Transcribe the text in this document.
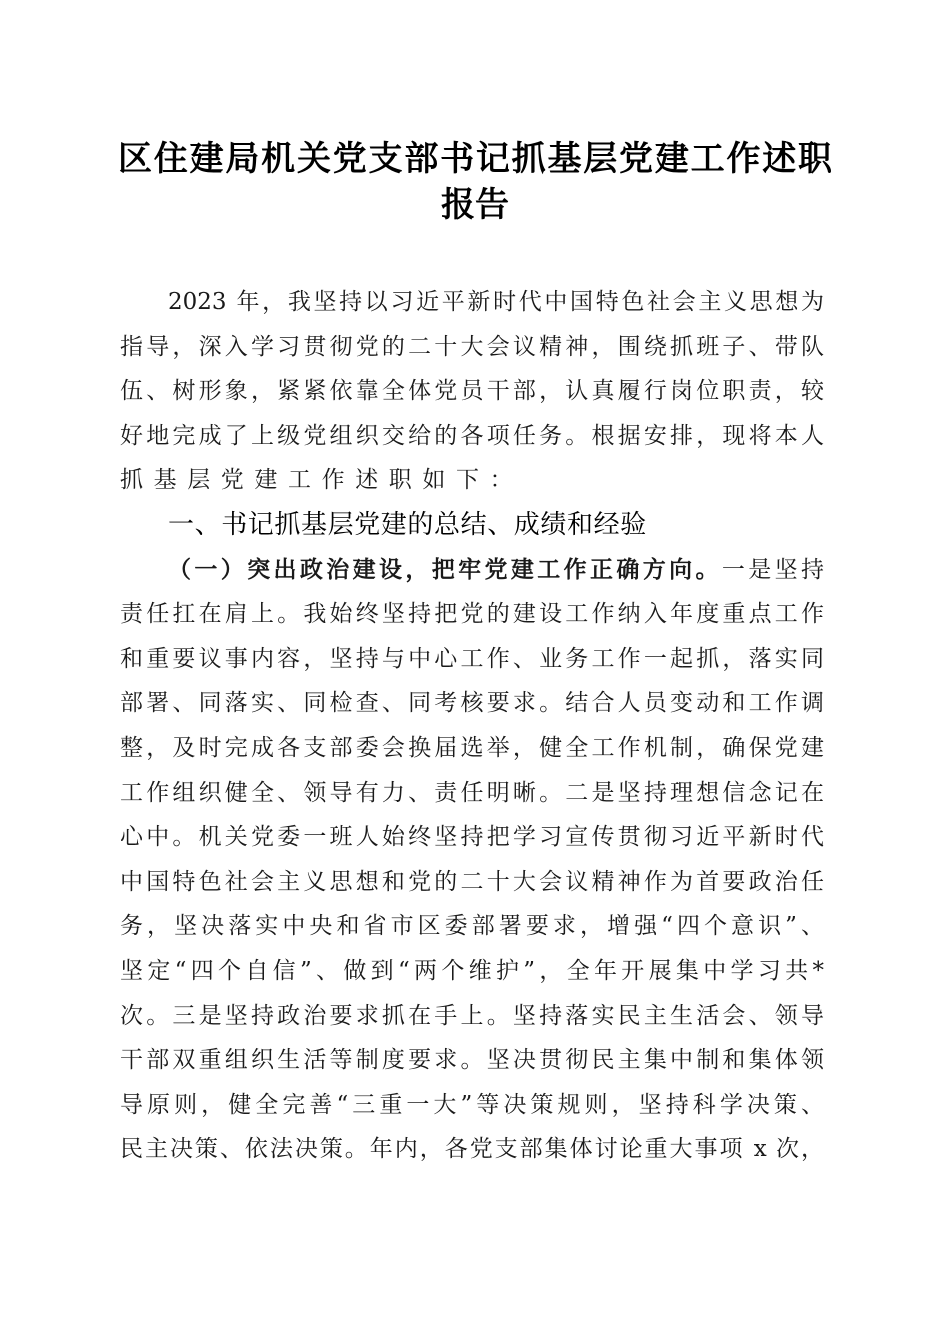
区住建局机关党支部书记抓基层党建工作述职
报告
2023 年，我坚持以习近平新时代中国特色社会主义思想为
指导，深入学习贯彻党的二十大会议精神，围绕抓班子、带队
伍、树形象，紧紧依靠全体党员干部，认真履行岗位职责，较
好地完成了上级党组织交给的各项任务。根据安排，现将本人
抓基层党建工作述职如下：
一、书记抓基层党建的总结、成绩和经验
（一）突出政治建设，把牢党建工作正确方向。一是坚持
责任扛在肩上。我始终坚持把党的建设工作纳入年度重点工作
和重要议事内容，坚持与中心工作、业务工作一起抓，落实同
部署、同落实、同检查、同考核要求。结合人员变动和工作调
整，及时完成各支部委会换届选举，健全工作机制，确保党建
工作组织健全、领导有力、责任明晰。二是坚持理想信念记在
心中。机关党委一班人始终坚持把学习宣传贯彻习近平新时代
中国特色社会主义思想和党的二十大会议精神作为首要政治任
务，坚决落实中央和省市区委部署要求，增强“四个意识”、
坚定“四个自信”、做到“两个维护”，全年开展集中学习共*
次。三是坚持政治要求抓在手上。坚持落实民主生活会、领导
干部双重组织生活等制度要求。坚决贯彻民主集中制和集体领
导原则，健全完善“三重一大”等决策规则，坚持科学决策、
民主决策、依法决策。年内，各党支部集体讨论重大事项 x 次，
